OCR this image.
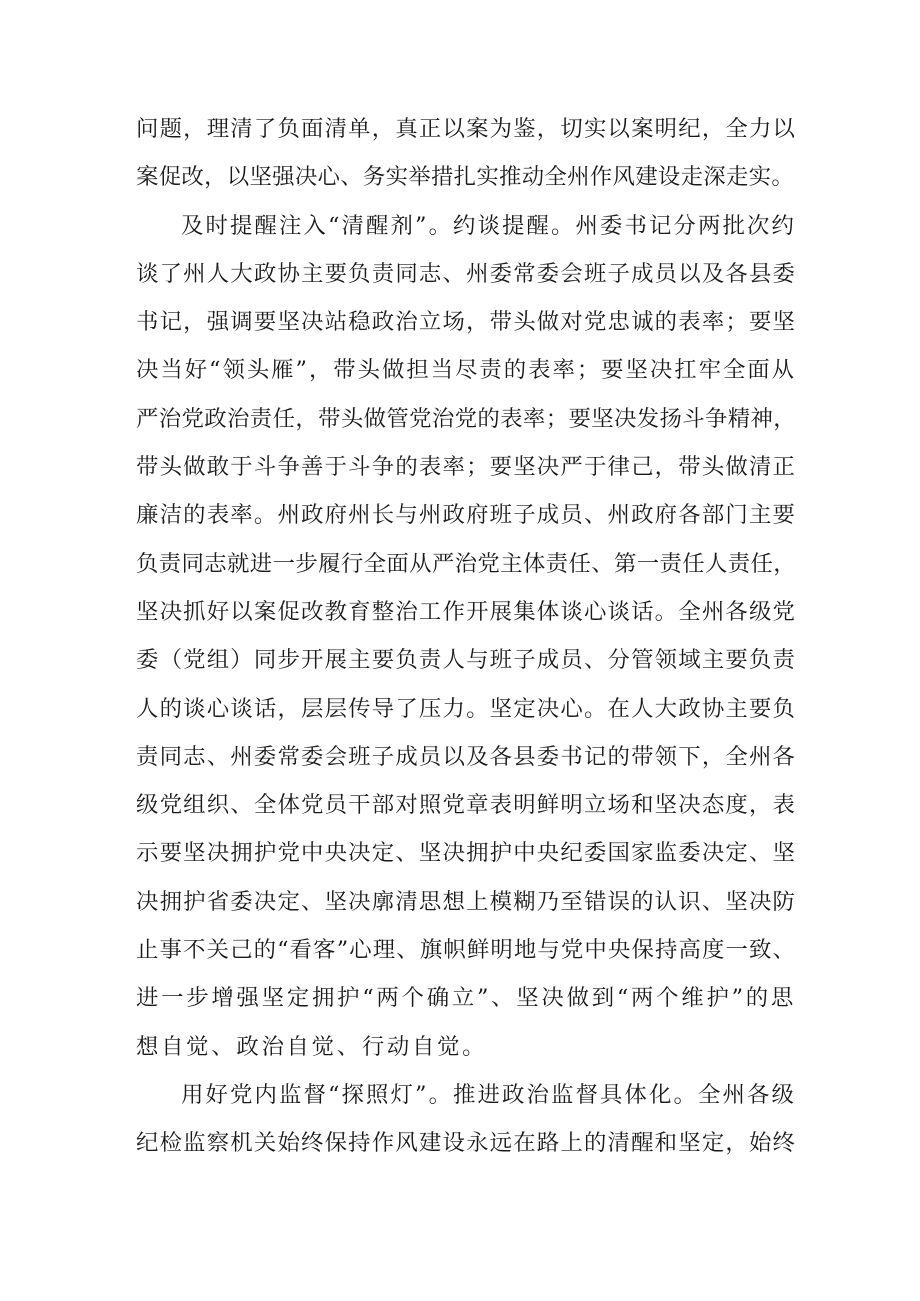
问题，理清了负面清单，真正以案为鉴，切实以案明纪，全力以
案促改，以坚强决心、务实举措扎实推动全州作风建设走深走实。
及时提醒注入“清醒剂”。约谈提醒。州委书记分两批次约
谈了州人大政协主要负责同志、州委常委会班子成员以及各县委
书记，强调要坚决站稳政治立场，带头做对党忠诚的表率；要坚
决当好“领头雁”，带头做担当尽责的表率；要坚决扛牢全面从
严治党政治责任，带头做管党治党的表率；要坚决发扬斗争精神，
带头做敢于斗争善于斗争的表率；要坚决严于律己，带头做清正
廉洁的表率。州政府州长与州政府班子成员、州政府各部门主要
负责同志就进一步履行全面从严治党主体责任、第一责任人责任，
坚决抓好以案促改教育整治工作开展集体谈心谈话。全州各级党
委（党组）同步开展主要负责人与班子成员、分管领域主要负责
人的谈心谈话，层层传导了压力。坚定决心。在人大政协主要负
责同志、州委常委会班子成员以及各县委书记的带领下，全州各
级党组织、全体党员干部对照党章表明鲜明立场和坚决态度，表
示要坚决拥护党中央决定、坚决拥护中央纪委国家监委决定、坚
决拥护省委决定、坚决廓清思想上模糊乃至错误的认识、坚决防
止事不关己的“看客”心理、旗帜鲜明地与党中央保持高度一致、
进一步增强坚定拥护“两个确立”、坚决做到“两个维护”的思
想自觉、政治自觉、行动自觉。
用好党内监督“探照灯”。推进政治监督具体化。全州各级
纪检监察机关始终保持作风建设永远在路上的清醒和坚定，始终
